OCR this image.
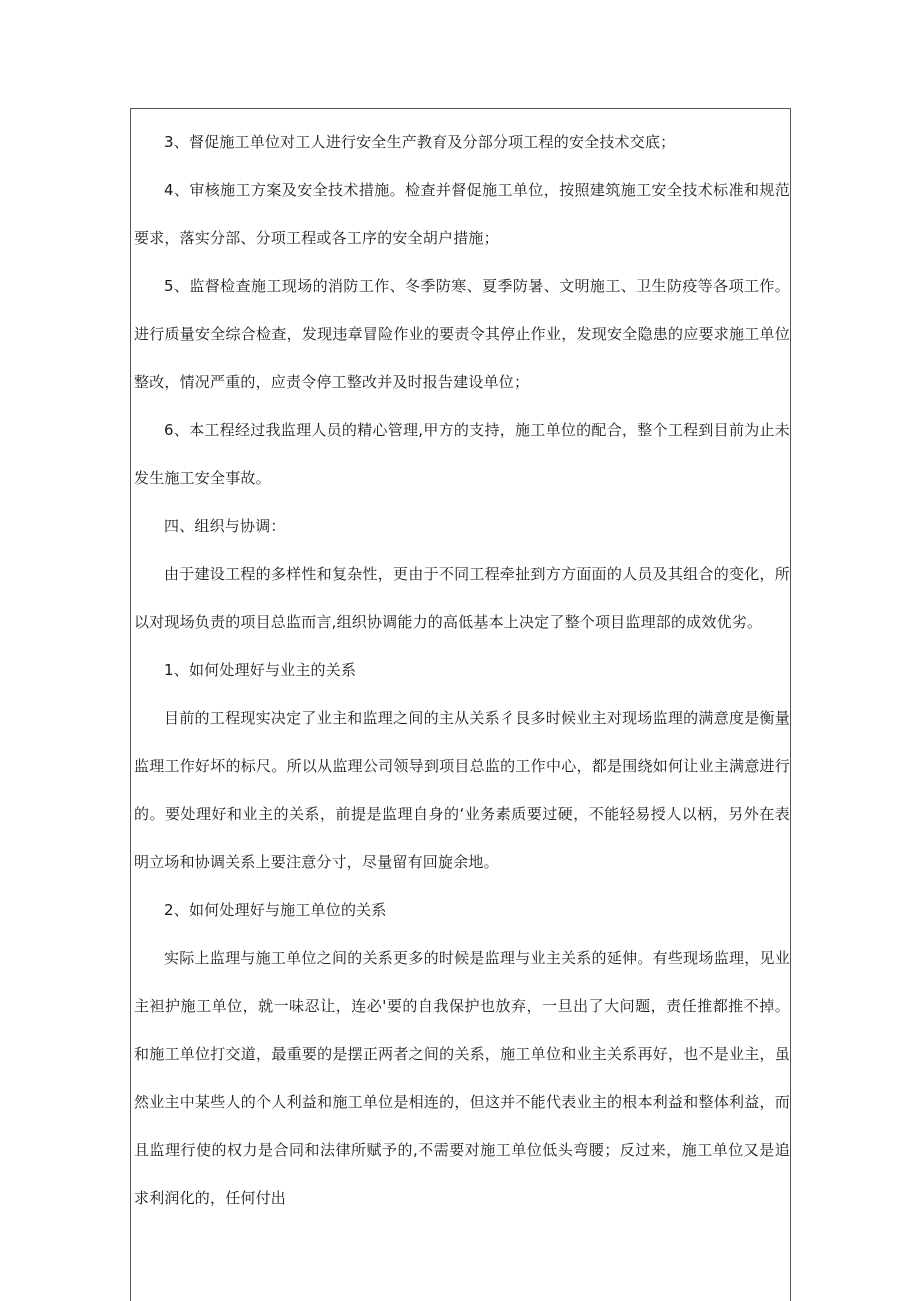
3、督促施工单位对工人进行安全生产教育及分部分项工程的安全技术交底；

4、审核施工方案及安全技术措施。检查并督促施工单位，按照建筑施工安全技术标准和规范要求，落实分部、分项工程或各工序的安全胡户措施；

5、监督检查施工现场的消防工作、冬季防寒、夏季防暑、文明施工、卫生防疫等各项工作。进行质量安全综合检查，发现违章冒险作业的要责令其停止作业，发现安全隐患的应要求施工单位整改，情况严重的，应责令停工整改并及时报告建设单位；

6、本工程经过我监理人员的精心管理,甲方的支持，施工单位的配合，整个工程到目前为止未发生施工安全事故。

四、组织与协调：

由于建设工程的多样性和复杂性，更由于不同工程牵扯到方方面面的人员及其组合的变化，所以对现场负责的项目总监而言,组织协调能力的高低基本上决定了整个项目监理部的成效优劣。

1、如何处理好与业主的关系

目前的工程现实决定了业主和监理之间的主从关系彳艮多时候业主对现场监理的满意度是衡量监理工作好坏的标尺。所以从监理公司领导到项目总监的工作中心，都是围绕如何让业主满意进行的。要处理好和业主的关系，前提是监理自身的‘业务素质要过硬，不能轻易授人以柄，另外在表明立场和协调关系上要注意分寸，尽量留有回旋余地。

2、如何处理好与施工单位的关系

实际上监理与施工单位之间的关系更多的时候是监理与业主关系的延伸。有些现场监理，见业主袒护施工单位，就一味忍让，连必'要的自我保护也放弃，一旦出了大问题，责任推都推不掉。和施工单位打交道，最重要的是摆正两者之间的关系，施工单位和业主关系再好，也不是业主，虽然业主中某些人的个人利益和施工单位是相连的，但这并不能代表业主的根本利益和整体利益，而且监理行使的权力是合同和法律所赋予的,不需要对施工单位低头弯腰；反过来，施工单位又是追求利润化的，任何付出
